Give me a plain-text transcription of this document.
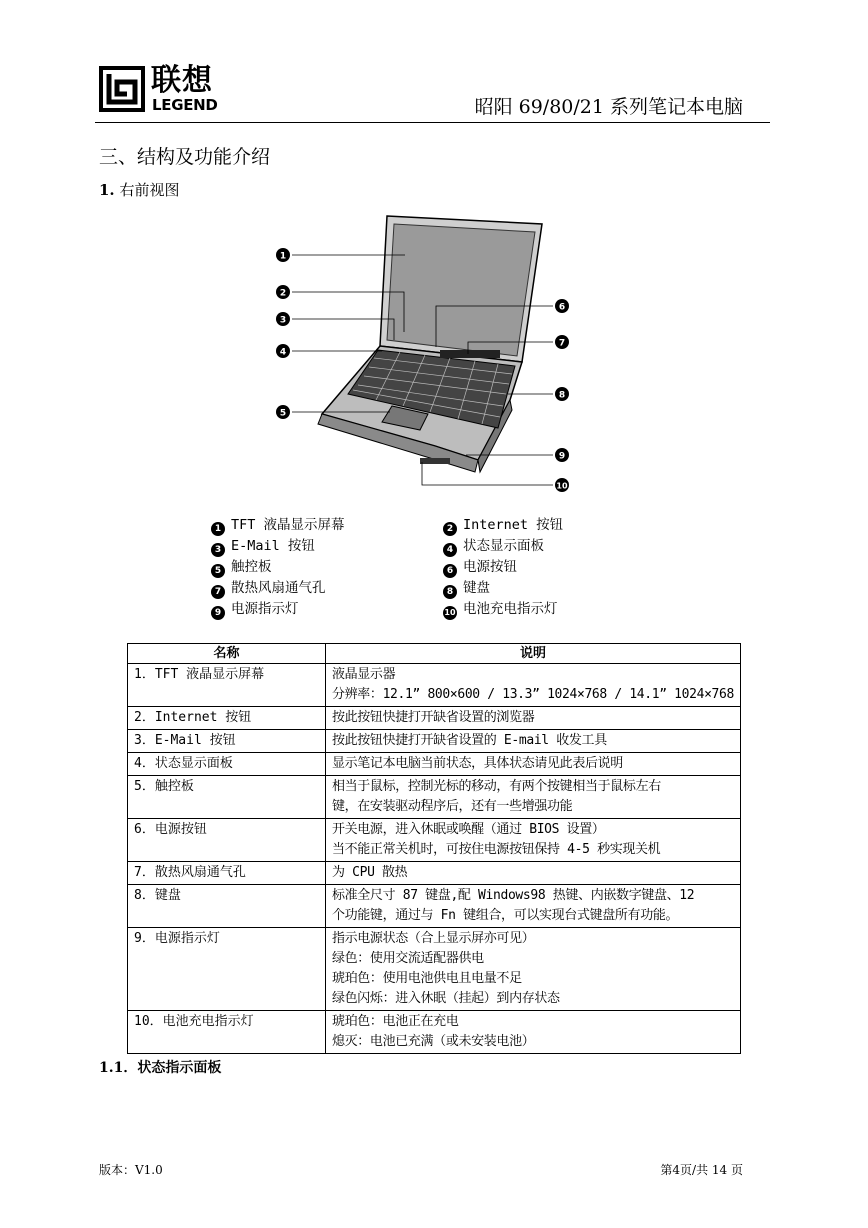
联想
LEGEND	昭阳 69/80/21 系列笔记本电脑
三、结构及功能介绍
1. 右前视图
1
2
3
4
5
6
7
8
9
10
1 TFT 液晶显示屏幕	2 Internet 按钮
3 E-Mail 按钮	4 状态显示面板
5 触控板	6 电源按钮
7 散热风扇通气孔	8 键盘
9 电源指示灯	10 电池充电指示灯
名称	说明
1．TFT 液晶显示屏幕	液晶显示器
分辨率：12.1” 800×600 / 13.3” 1024×768 / 14.1” 1024×768

2．Internet 按钮	按此按钮快捷打开缺省设置的浏览器

3．E-Mail 按钮	按此按钮快捷打开缺省设置的 E-mail 收发工具

4．状态显示面板	显示笔记本电脑当前状态，具体状态请见此表后说明

5．触控板	相当于鼠标，控制光标的移动，有两个按键相当于鼠标左右
键，在安装驱动程序后，还有一些增强功能

6．电源按钮	开关电源，进入休眠或唤醒（通过 BIOS 设置）
当不能正常关机时，可按住电源按钮保持 4-5 秒实现关机

7．散热风扇通气孔	为 CPU 散热

8．键盘	标准全尺寸 87 键盘,配 Windows98 热键、内嵌数字键盘、12
个功能键，通过与 Fn 键组合，可以实现台式键盘所有功能。

9．电源指示灯	指示电源状态（合上显示屏亦可见）
绿色：使用交流适配器供电
琥珀色：使用电池供电且电量不足
绿色闪烁：进入休眠（挂起）到内存状态

10．电池充电指示灯	琥珀色：电池正在充电
熄灭：电池已充满（或未安装电池）
1.1．状态指示面板
版本：V1.0	第4页/共 14 页
